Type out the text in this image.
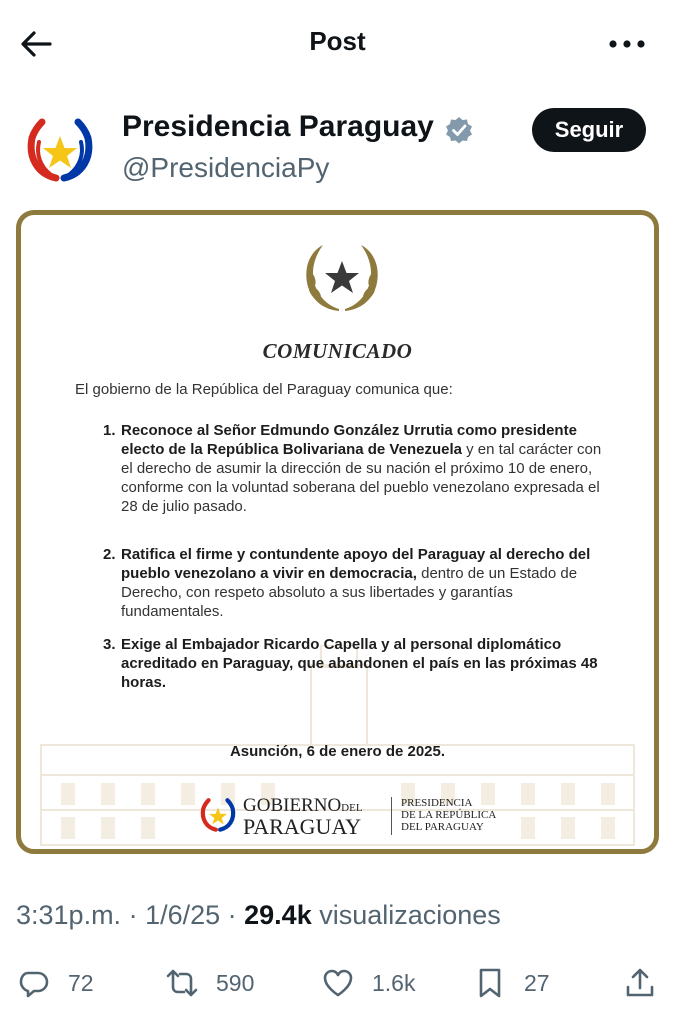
Post
Presidencia Paraguay
@PresidenciaPy
Seguir
COMUNICADO
El gobierno de la República del Paraguay comunica que:
1. Reconoce al Señor Edmundo González Urrutia como presidente electo de la República Bolivariana de Venezuela y en tal carácter con el derecho de asumir la dirección de su nación el próximo 10 de enero, conforme con la voluntad soberana del pueblo venezolano expresada el 28 de julio pasado.
2. Ratifica el firme y contundente apoyo del Paraguay al derecho del pueblo venezolano a vivir en democracia, dentro de un Estado de Derecho, con respeto absoluto a sus libertades y garantías fundamentales.
3. Exige al Embajador Ricardo Capella y al personal diplomático acreditado en Paraguay, que abandonen el país en las próximas 48 horas.
Asunción, 6 de enero de 2025.
GOBIERNODEL
PARAGUAY
PRESIDENCIA
DE LA REPÚBLICA
DEL PARAGUAY
3:31p.m. · 1/6/25 · 29.4k visualizaciones
72	590	1.6k	27
